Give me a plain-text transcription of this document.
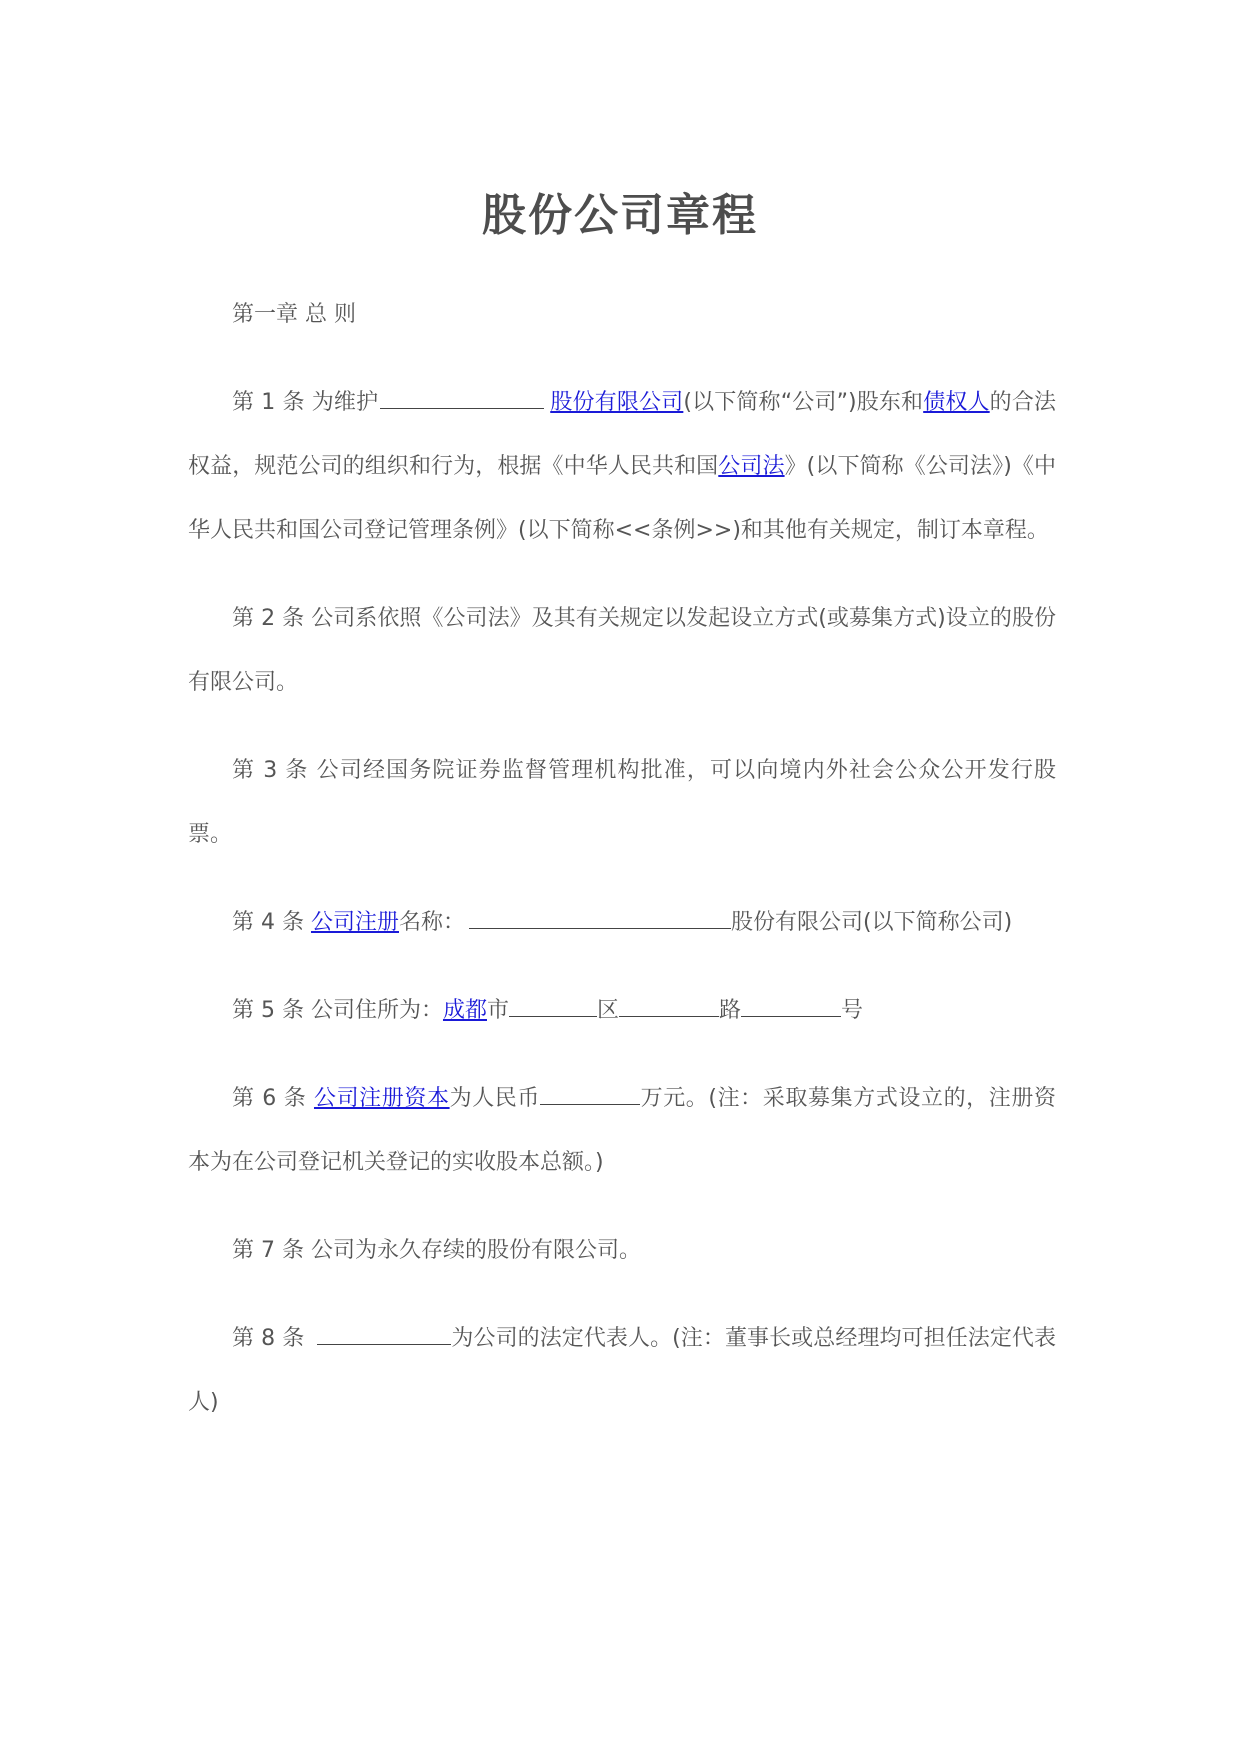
股份公司章程

第一章 总 则

第 1 条 为维护	股份有限公司(以下简称“公司”)股东和债权人的合法权益，规范公司的组织和行为，根据《中华人民共和国公司法》(以下简称《公司法》)《中华人民共和国公司登记管理条例》(以下简称<<条例>>)和其他有关规定，制订本章程。

第 2 条 公司系依照《公司法》及其有关规定以发起设立方式(或募集方式)设立的股份有限公司。

第 3 条 公司经国务院证券监督管理机构批准，可以向境内外社会公众公开发行股票。

第 4 条 公司注册名称：	股份有限公司(以下简称公司)

第 5 条 公司住所为：成都市	区	路	号

第 6 条 公司注册资本为人民币	万元。(注：采取募集方式设立的，注册资本为在公司登记机关登记的实收股本总额。)

第 7 条 公司为永久存续的股份有限公司。

第 8 条	为公司的法定代表人。(注：董事长或总经理均可担任法定代表人)
